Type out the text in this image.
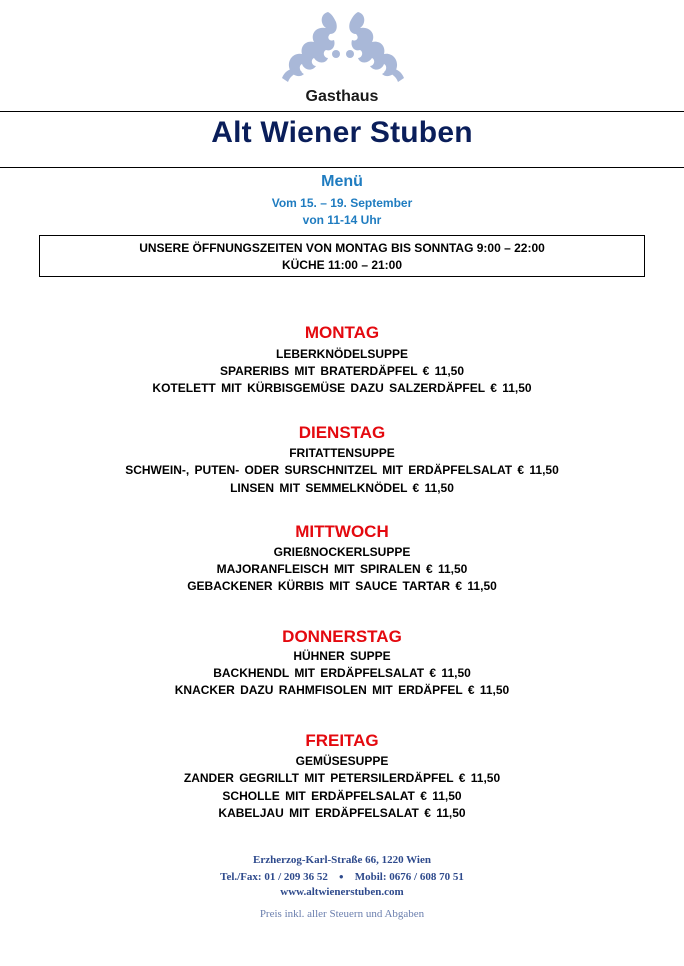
Gasthaus
Alt Wiener Stuben
Menü
Vom 15. – 19. September
von 11-14 Uhr
UNSERE ÖFFNUNGSZEITEN VON MONTAG BIS SONNTAG 9:00 – 22:00
KÜCHE 11:00 – 21:00
MONTAG
LEBERKNÖDELSUPPE
SPARERIBS MIT BRATERDÄPFEL € 11,50
KOTELETT MIT KÜRBISGEMÜSE DAZU SALZERDÄPFEL € 11,50
DIENSTAG
FRITATTENSUPPE
SCHWEIN-, PUTEN- ODER SURSCHNITZEL MIT ERDÄPFELSALAT € 11,50
LINSEN MIT SEMMELKNÖDEL € 11,50
MITTWOCH
GRIEßNOCKERLSUPPE
MAJORANFLEISCH MIT SPIRALEN € 11,50
GEBACKENER KÜRBIS MIT SAUCE TARTAR € 11,50
DONNERSTAG
HÜHNER SUPPE
BACKHENDL MIT ERDÄPFELSALAT € 11,50
KNACKER DAZU RAHMFISOLEN MIT ERDÄPFEL € 11,50
FREITAG
GEMÜSESUPPE
ZANDER GEGRILLT MIT PETERSILERDÄPFEL € 11,50
SCHOLLE MIT ERDÄPFELSALAT € 11,50
KABELJAU MIT ERDÄPFELSALAT € 11,50
Erzherzog-Karl-Straße 66, 1220 Wien
Tel./Fax: 01 / 209 36 52 ● Mobil: 0676 / 608 70 51
www.altwienerstuben.com
Preis inkl. aller Steuern und Abgaben
